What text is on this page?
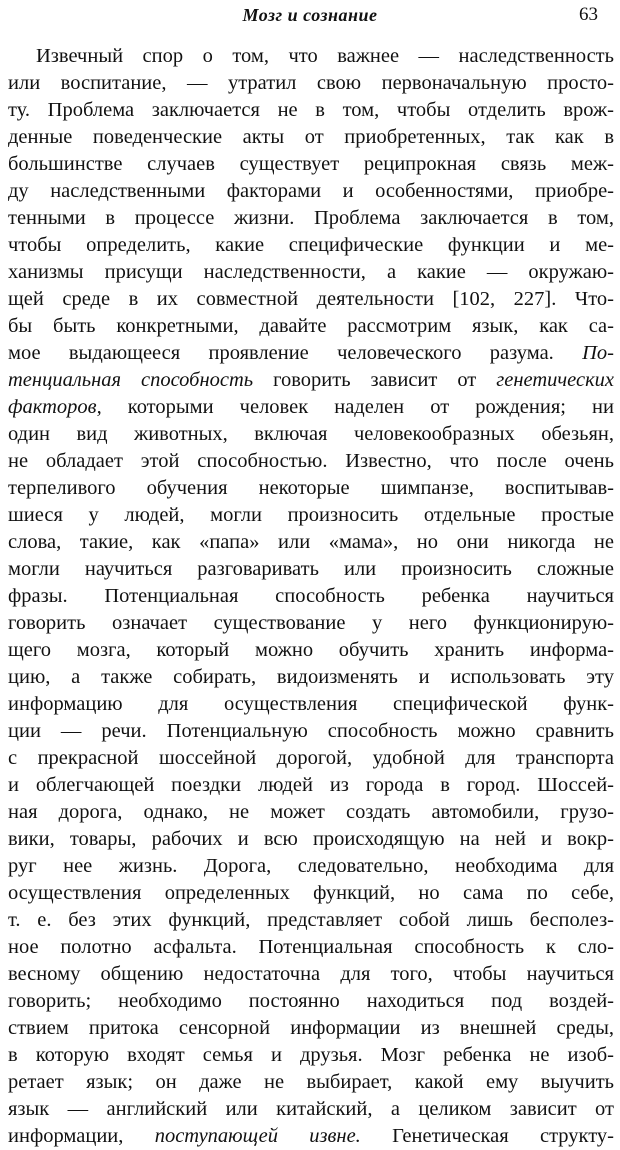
Мозг и сознание	63
Извечный спор о том, что важнее — наследственность
или воспитание, — утратил свою первоначальную просто-
ту. Проблема заключается не в том, чтобы отделить врож-
денные поведенческие акты от приобретенных, так как в
большинстве случаев существует реципрокная связь меж-
ду наследственными факторами и особенностями, приобре-
тенными в процессе жизни. Проблема заключается в том,
чтобы определить, какие специфические функции и ме-
ханизмы присущи наследственности, а какие — окружаю-
щей среде в их совместной деятельности [102, 227]. Что-
бы быть конкретными, давайте рассмотрим язык, как са-
мое выдающееся проявление человеческого разума. По-
тенциальная способность говорить зависит от генетических
факторов, которыми человек наделен от рождения; ни
один вид животных, включая человекообразных обезьян,
не обладает этой способностью. Известно, что после очень
терпеливого обучения некоторые шимпанзе, воспитывав-
шиеся у людей, могли произносить отдельные простые
слова, такие, как «папа» или «мама», но они никогда не
могли научиться разговаривать или произносить сложные
фразы. Потенциальная способность ребенка научиться
говорить означает существование у него функционирую-
щего мозга, который можно обучить хранить информа-
цию, а также собирать, видоизменять и использовать эту
информацию для осуществления специфической функ-
ции — речи. Потенциальную способность можно сравнить
с прекрасной шоссейной дорогой, удобной для транспорта
и облегчающей поездки людей из города в город. Шоссей-
ная дорога, однако, не может создать автомобили, грузо-
вики, товары, рабочих и всю происходящую на ней и вокр-
руг нее жизнь. Дорога, следовательно, необходима для
осуществления определенных функций, но сама по себе,
т. е. без этих функций, представляет собой лишь бесполез-
ное полотно асфальта. Потенциальная способность к сло-
весному общению недостаточна для того, чтобы научиться
говорить; необходимо постоянно находиться под воздей-
ствием притока сенсорной информации из внешней среды,
в которую входят семья и друзья. Мозг ребенка не изоб-
ретает язык; он даже не выбирает, какой ему выучить
язык — английский или китайский, а целиком зависит от
информации, поступающей извне. Генетическая структу-
